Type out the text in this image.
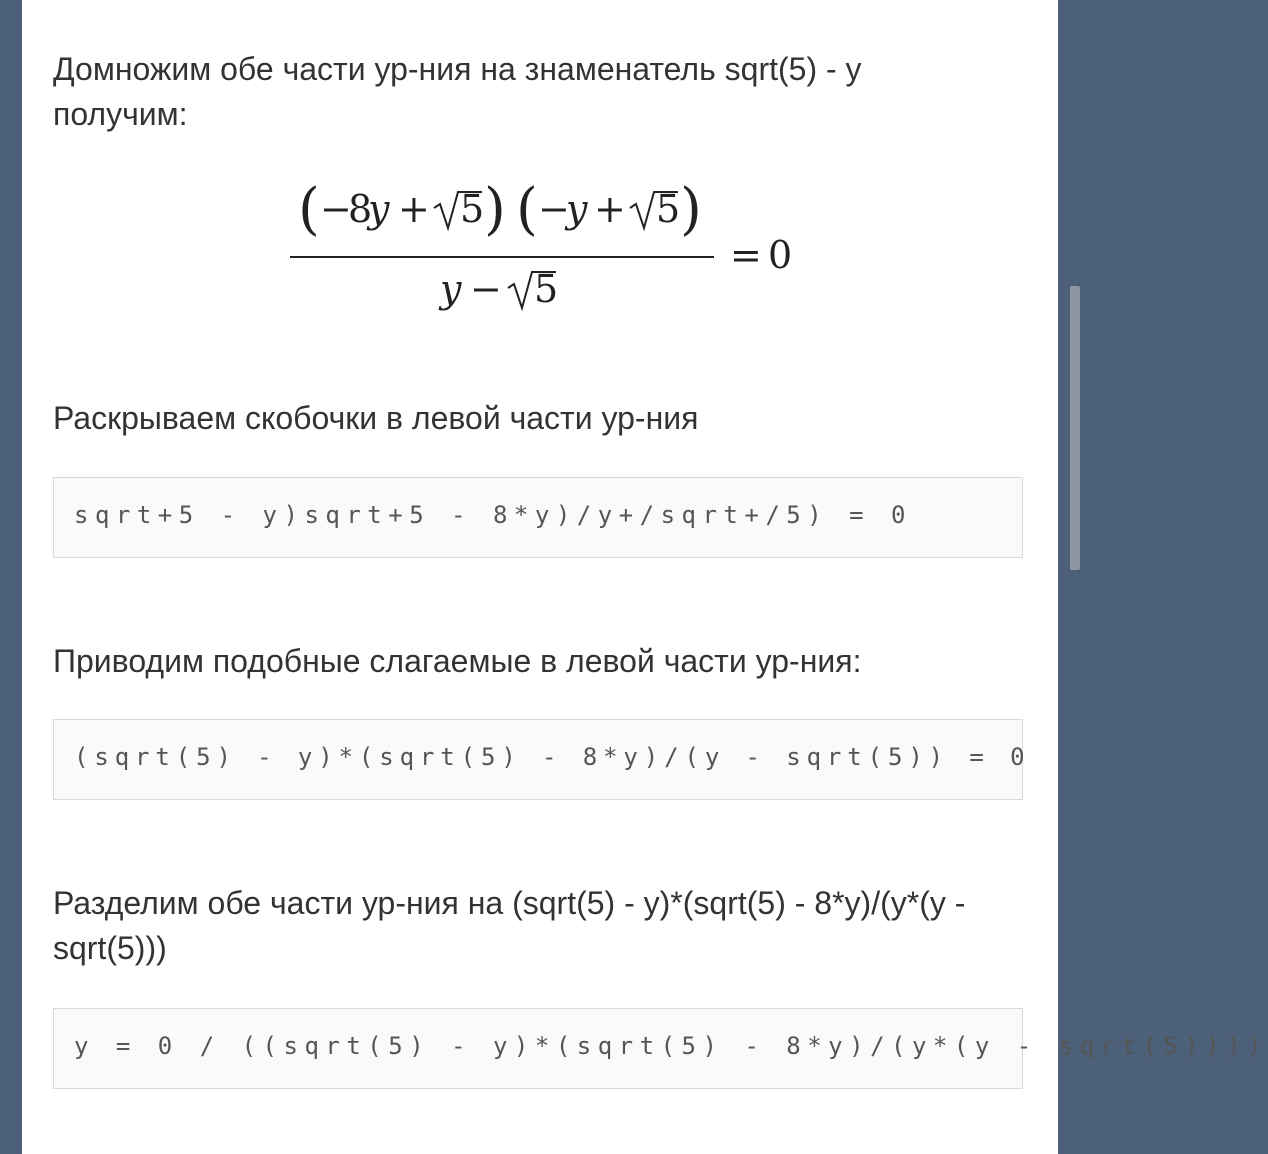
Домножим обе части ур-ния на знаменатель sqrt(5) - y
получим:
( −
8
y + 5 ) ( −
y + 5 )
y − 5
= 0
Раскрываем скобочки в левой части ур-ния
sqrt+5 - y)sqrt+5 - 8*y)/y+/sqrt+/5) = 0
Приводим подобные слагаемые в левой части ур-ния:
(sqrt(5) - y)*(sqrt(5) - 8*y)/(y - sqrt(5)) = 0
Разделим обе части ур-ния на (sqrt(5) - y)*(sqrt(5) - 8*y)/(y*(y -
sqrt(5)))
y = 0 / ((sqrt(5) - y)*(sqrt(5) - 8*y)/(y*(y - sqrt(5))))
